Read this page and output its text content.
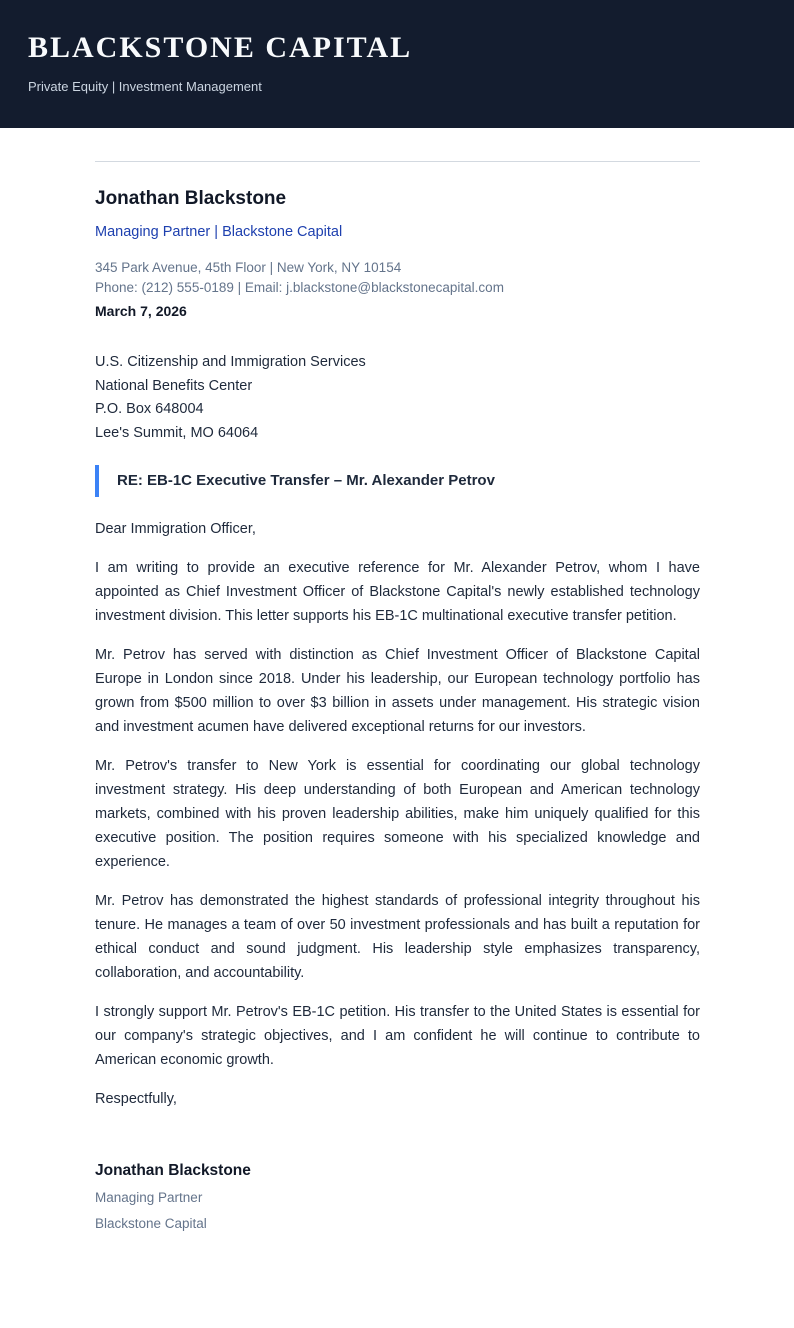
BLACKSTONE CAPITAL
Private Equity | Investment Management
Jonathan Blackstone

Managing Partner | Blackstone Capital

345 Park Avenue, 45th Floor | New York, NY 10154

Phone: (212) 555-0189 | Email: j.blackstone@blackstonecapital.com

March 7, 2026

U.S. Citizenship and Immigration Services

National Benefits Center

P.O. Box 648004

Lee's Summit, MO 64064

RE: EB-1C Executive Transfer – Mr. Alexander Petrov

Dear Immigration Officer,

I am writing to provide an executive reference for Mr. Alexander Petrov, whom I have appointed as Chief Investment Officer of Blackstone Capital's newly established technology investment division. This letter supports his EB-1C multinational executive transfer petition.

Mr. Petrov has served with distinction as Chief Investment Officer of Blackstone Capital Europe in London since 2018. Under his leadership, our European technology portfolio has grown from $500 million to over $3 billion in assets under management. His strategic vision and investment acumen have delivered exceptional returns for our investors.

Mr. Petrov's transfer to New York is essential for coordinating our global technology investment strategy. His deep understanding of both European and American technology markets, combined with his proven leadership abilities, make him uniquely qualified for this executive position. The position requires someone with his specialized knowledge and experience.

Mr. Petrov has demonstrated the highest standards of professional integrity throughout his tenure. He manages a team of over 50 investment professionals and has built a reputation for ethical conduct and sound judgment. His leadership style emphasizes transparency, collaboration, and accountability.

I strongly support Mr. Petrov's EB-1C petition. His transfer to the United States is essential for our company's strategic objectives, and I am confident he will continue to contribute to American economic growth.

Respectfully,

Jonathan Blackstone

Managing Partner

Blackstone Capital
